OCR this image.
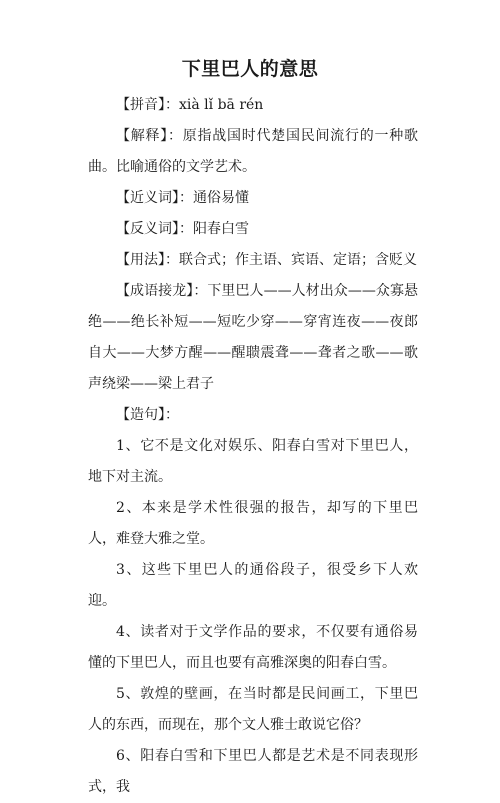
下里巴人的意思

【拼音】：xià lǐ bā rén

【解释】：原指战国时代楚国民间流行的一种歌曲。比喻通俗的文学艺术。

【近义词】：通俗易懂

【反义词】：阳春白雪

【用法】：联合式；作主语、宾语、定语；含贬义

【成语接龙】：下里巴人——人材出众——众寡悬绝——绝长补短——短吃少穿——穿宵连夜——夜郎自大——大梦方醒——醒聩震聋——聋者之歌——歌声绕梁——梁上君子

【造句】：

1、它不是文化对娱乐、阳春白雪对下里巴人，地下对主流。

2、本来是学术性很强的报告，却写的下里巴人，难登大雅之堂。

3、这些下里巴人的通俗段子，很受乡下人欢迎。

4、读者对于文学作品的要求，不仅要有通俗易懂的下里巴人，而且也要有高雅深奥的阳春白雪。

5、敦煌的壁画，在当时都是民间画工，下里巴人的东西，而现在，那个文人雅士敢说它俗？

6、阳春白雪和下里巴人都是艺术是不同表现形式，我
